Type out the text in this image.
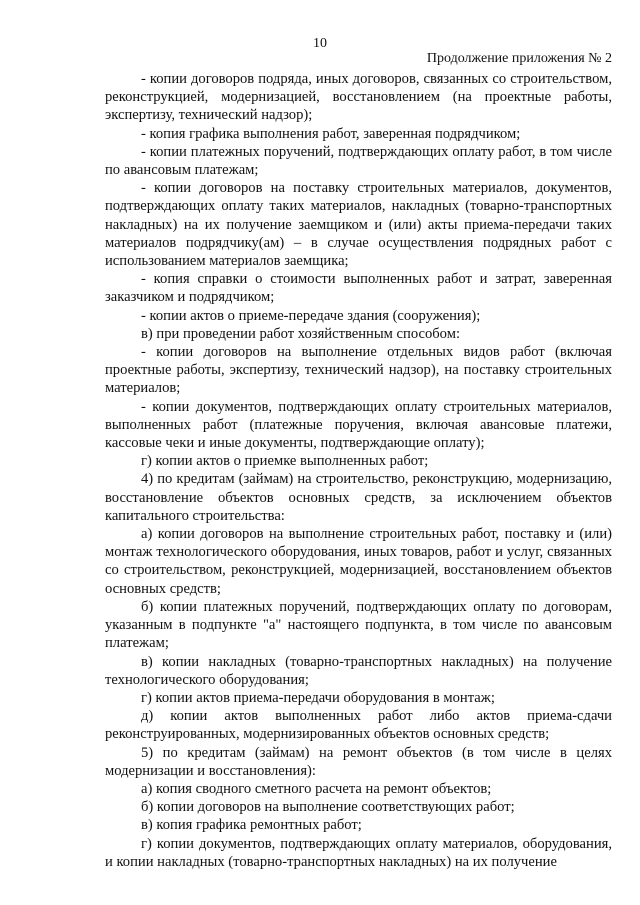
10
Продолжение приложения № 2

- копии договоров подряда, иных договоров, связанных со строительством, реконструкцией, модернизацией, восстановлением (на проектные работы, экспертизу, технический надзор);

- копия графика выполнения работ, заверенная подрядчиком;

- копии платежных поручений, подтверждающих оплату работ, в том числе по авансовым платежам;

- копии договоров на поставку строительных материалов, документов, подтверждающих оплату таких материалов, накладных (товарно-транспортных накладных) на их получение заемщиком и (или) акты приема-передачи таких материалов подрядчику(ам) – в случае осуществления подрядных работ с использованием материалов заемщика;

- копия справки о стоимости выполненных работ и затрат, заверенная заказчиком и подрядчиком;

- копии актов о приеме-передаче здания (сооружения);

в) при проведении работ хозяйственным способом:

- копии договоров на выполнение отдельных видов работ (включая проектные работы, экспертизу, технический надзор), на поставку строительных материалов;

- копии документов, подтверждающих оплату строительных материалов, выполненных работ (платежные поручения, включая авансовые платежи, кассовые чеки и иные документы, подтверждающие оплату);

г) копии актов о приемке выполненных работ;

4) по кредитам (займам) на строительство, реконструкцию, модернизацию, восстановление объектов основных средств, за исключением объектов капитального строительства:

а) копии договоров на выполнение строительных работ, поставку и (или) монтаж технологического оборудования, иных товаров, работ и услуг, связанных со строительством, реконструкцией, модернизацией, восстановлением объектов основных средств;

б) копии платежных поручений, подтверждающих оплату по договорам, указанным в подпункте "а" настоящего подпункта, в том числе по авансовым платежам;

в) копии накладных (товарно-транспортных накладных) на получение технологического оборудования;

г) копии актов приема-передачи оборудования в монтаж;

д) копии актов выполненных работ либо актов приема-сдачи реконструированных, модернизированных объектов основных средств;

5) по кредитам (займам) на ремонт объектов (в том числе в целях модернизации и восстановления):

а) копия сводного сметного расчета на ремонт объектов;

б) копии договоров на выполнение соответствующих работ;

в) копия графика ремонтных работ;

г) копии документов, подтверждающих оплату материалов, оборудования, и копии накладных (товарно-транспортных накладных) на их получение
